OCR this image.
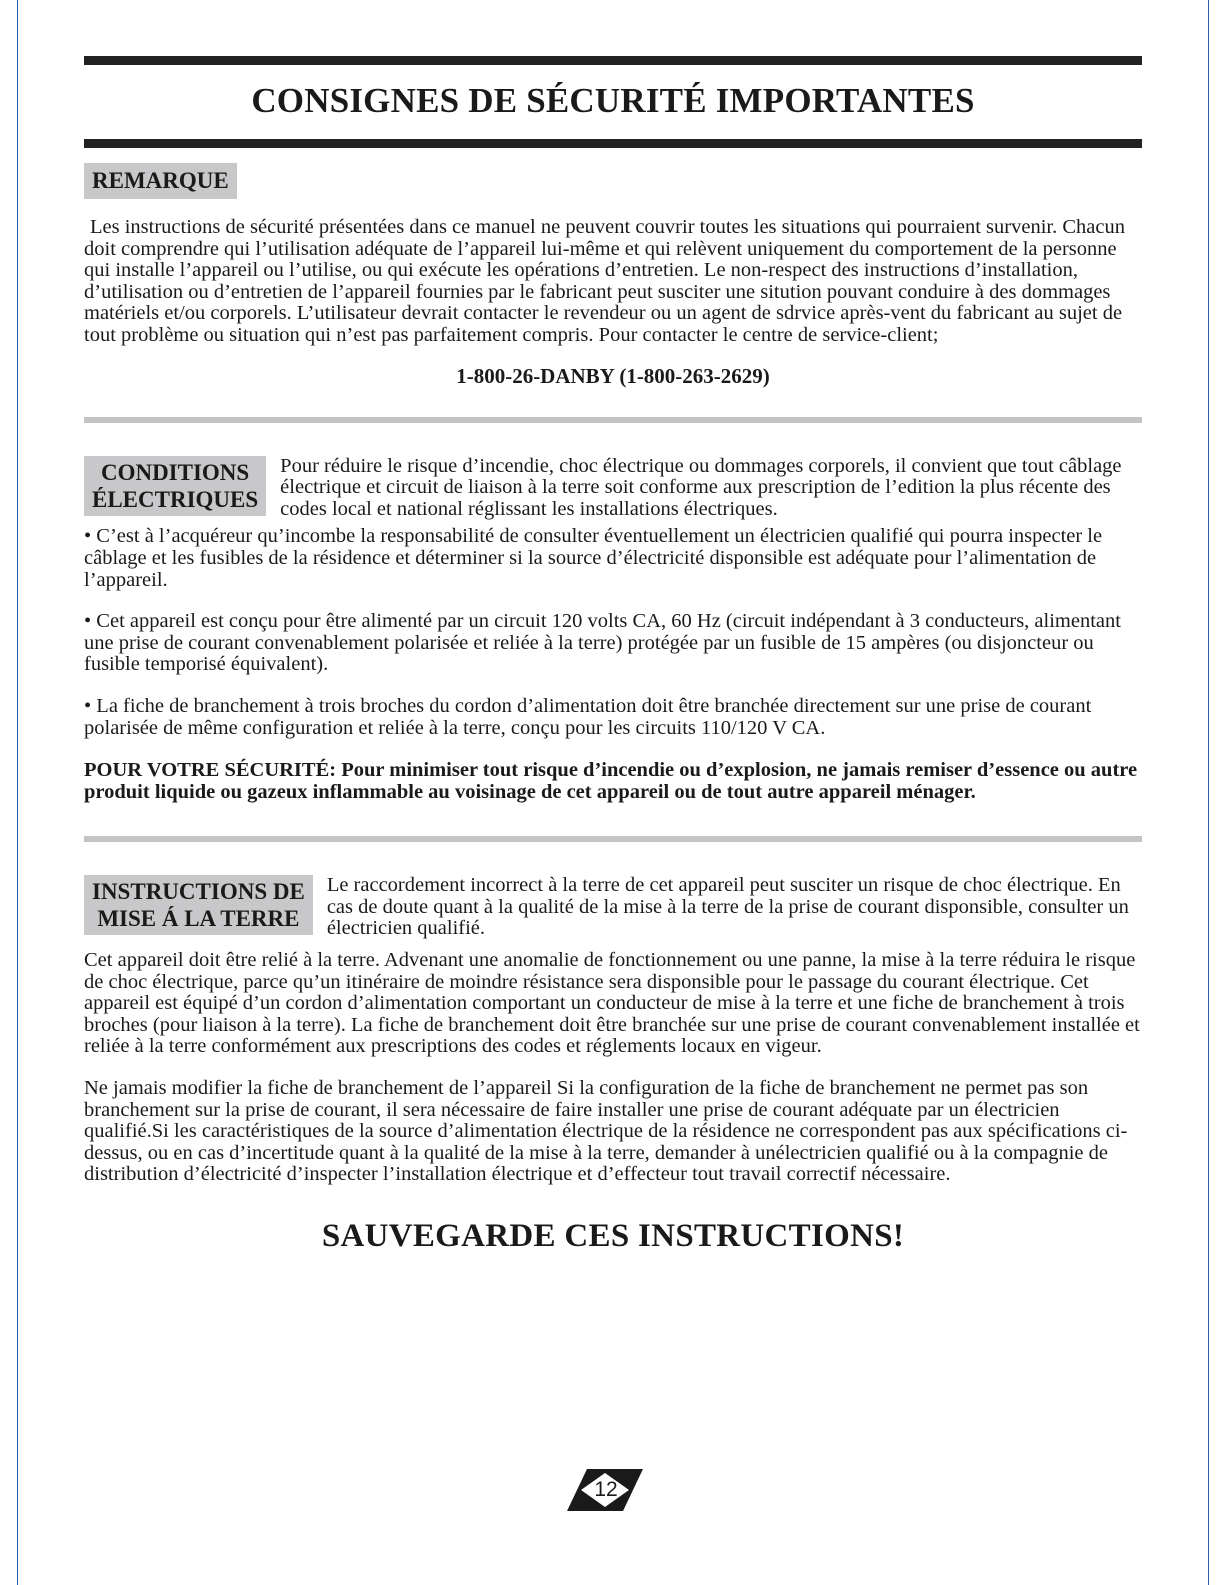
CONSIGNES DE SÉCURITÉ IMPORTANTES
REMARQUE

Les instructions de sécurité présentées dans ce manuel ne peuvent couvrir toutes les situations qui pourraient survenir. Chacun doit comprendre qui l’utilisation adéquate de l’appareil lui-même et qui relèvent uniquement du comportement de la personne qui installe l’appareil ou l’utilise, ou qui exécute les opérations d’entretien. Le non-respect des instructions d’installation, d’utilisation ou d’entretien de l’appareil fournies par le fabricant peut susciter une sitution pouvant conduire à des dommages matériels et/ou corporels. L’utilisateur devrait contacter le revendeur ou un agent de sdrvice après-vent du fabricant au sujet de tout problème ou situation qui n’est pas parfaitement compris. Pour contacter le centre de service-client;

1-800-26-DANBY (1-800-263-2629)
CONDITIONS
ÉLECTRIQUES

Pour réduire le risque d’incendie, choc électrique ou dommages corporels, il convient que tout câblage électrique et circuit de liaison à la terre soit conforme aux prescription de l’edition la plus récente des codes local et national réglissant les installations électriques.

• C’est à l’acquéreur qu’incombe la responsabilité de consulter éventuellement un électricien qualifié qui pourra inspecter le câblage et les fusibles de la résidence et déterminer si la source d’électricité disponsible est adéquate pour l’alimentation de l’appareil.

• Cet appareil est conçu pour être alimenté par un circuit 120 volts CA, 60 Hz (circuit indépendant à 3 conducteurs, alimentant une prise de courant convenablement polarisée et reliée à la terre) protégée par un fusible de 15 ampères (ou disjoncteur ou fusible temporisé équivalent).

• La fiche de branchement à trois broches du cordon d’alimentation doit être branchée directement sur une prise de courant polarisée de même configuration et reliée à la terre, conçu pour les circuits 110/120 V CA.

POUR VOTRE SÉCURITÉ: Pour minimiser tout risque d’incendie ou d’explosion, ne jamais remiser d’essence ou autre produit liquide ou gazeux inflammable au voisinage de cet appareil ou de tout autre appareil ménager.

INSTRUCTIONS DE
MISE Á LA TERRE

Le raccordement incorrect à la terre de cet appareil peut susciter un risque de choc électrique. En cas de doute quant à la qualité de la mise à la terre de la prise de courant disponsible, consulter un électricien qualifié.

Cet appareil doit être relié à la terre. Advenant une anomalie de fonctionnement ou une panne, la mise à la terre réduira le risque de choc électrique, parce qu’un itinéraire de moindre résistance sera disponsible pour le passage du courant électrique. Cet appareil est équipé d’un cordon d’alimentation comportant un conducteur de mise à la terre et une fiche de branchement à trois broches (pour liaison à la terre). La fiche de branchement doit être branchée sur une prise de courant convenablement installée et reliée à la terre conformément aux prescriptions des codes et réglements locaux en vigeur.

Ne jamais modifier la fiche de branchement de l’appareil Si la configuration de la fiche de branchement ne permet pas son branchement sur la prise de courant, il sera nécessaire de faire installer une prise de courant adéquate par un électricien qualifié.Si les caractéristiques de la source d’alimentation électrique de la résidence ne correspondent pas aux spécifications ci-dessus, ou en cas d’incertitude quant à la qualité de la mise à la terre, demander à unélectricien qualifié ou à la compagnie de distribution d’électricité d’inspecter l’installation électrique et d’effecteur tout travail correctif nécessaire.

SAUVEGARDE CES INSTRUCTIONS!
12
